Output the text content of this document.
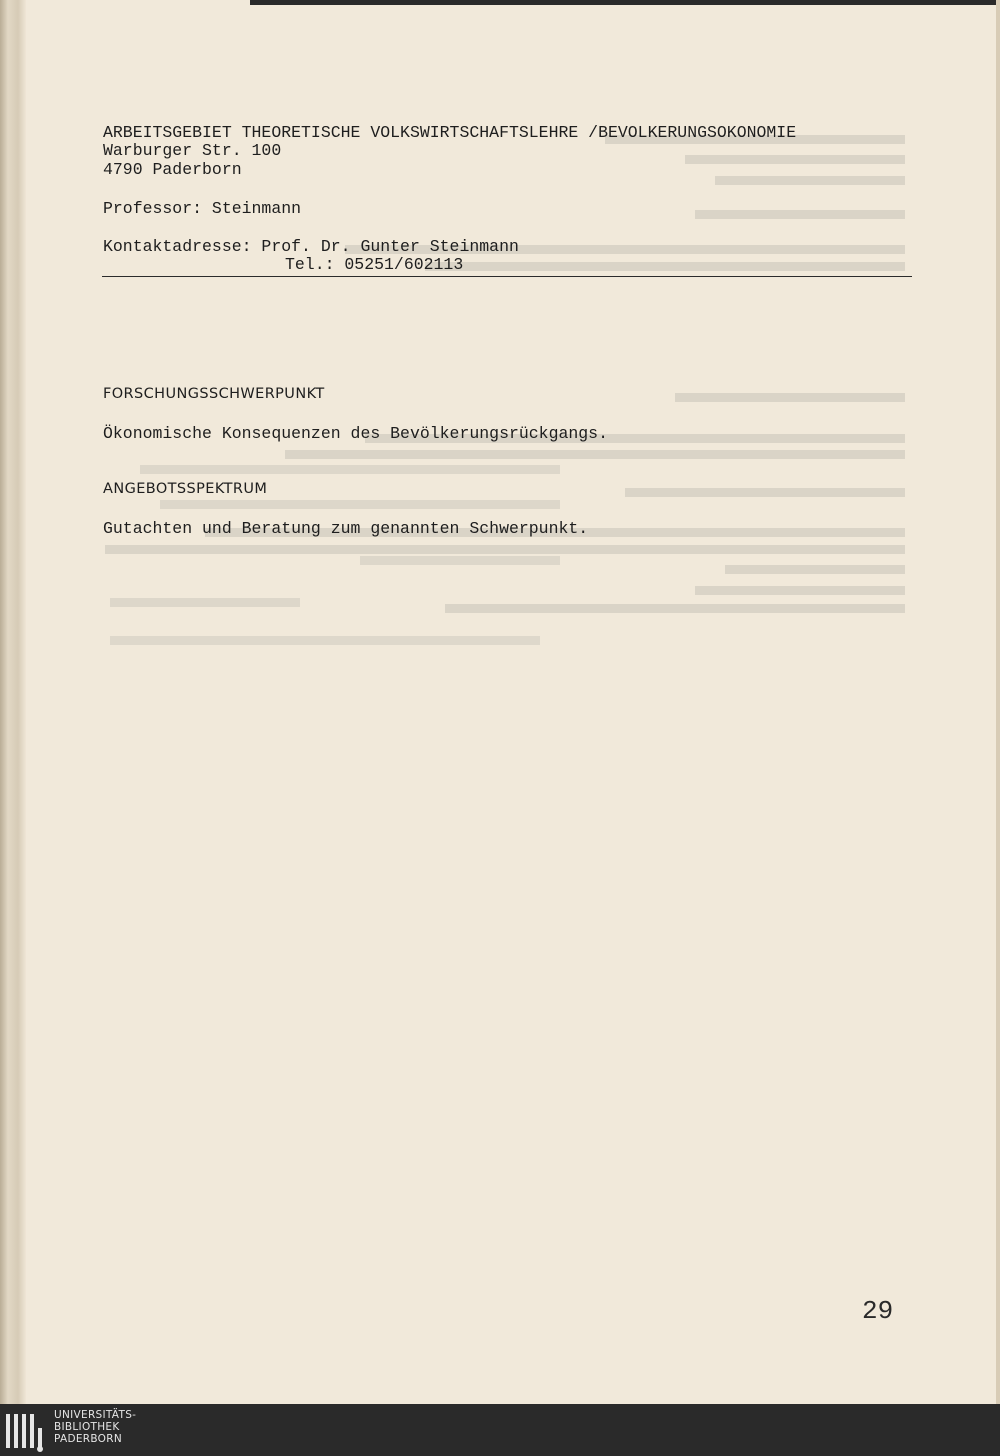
ARBEITSGEBIET THEORETISCHE VOLKSWIRTSCHAFTSLEHRE /BEVOLKERUNGSOKONOMIE
Warburger Str. 100
4790 Paderborn
Professor: Steinmann
Kontaktadresse: Prof. Dr. Gunter Steinmann
Tel.: 05251/602113
FORSCHUNGSSCHWERPUNKT
Ökonomische Konsequenzen des Bevölkerungsrückgangs.
ANGEBOTSSPEKTRUM
Gutachten und Beratung zum genannten Schwerpunkt.
29
UNIVERSITÄTS-
BIBLIOTHEK
PADERBORN
